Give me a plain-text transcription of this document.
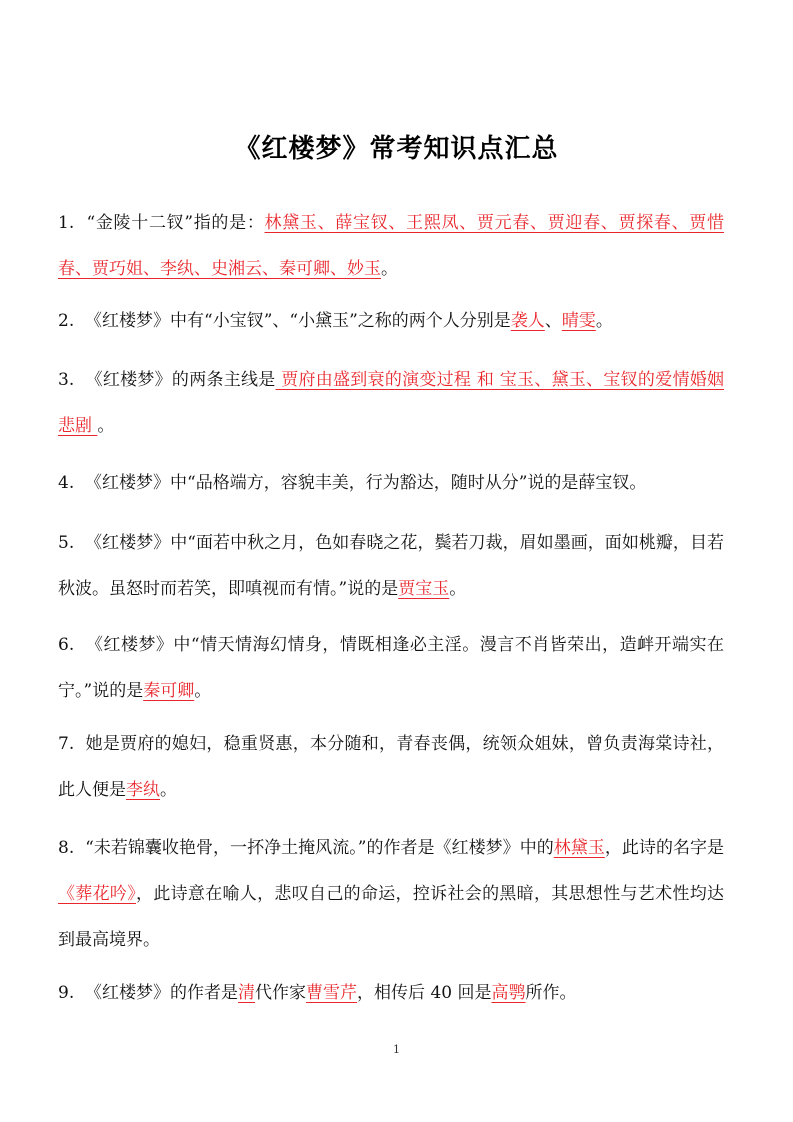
《红楼梦》常考知识点汇总
1. “金陵十二钗”指的是：林黛玉、薛宝钗、王熙凤、贾元春、贾迎春、贾探春、贾惜春、贾巧姐、李纨、史湘云、秦可卿、妙玉。
2. 《红楼梦》中有“小宝钗”、“小黛玉”之称的两个人分别是袭人、晴雯。
3. 《红楼梦》的两条主线是 贾府由盛到衰的演变过程 和 宝玉、黛玉、宝钗的爱情婚姻悲剧 。
4. 《红楼梦》中“品格端方，容貌丰美，行为豁达，随时从分”说的是薛宝钗。
5. 《红楼梦》中“面若中秋之月，色如春晓之花，鬓若刀裁，眉如墨画，面如桃瓣，目若秋波。虽怒时而若笑，即嗔视而有情。”说的是贾宝玉。
6. 《红楼梦》中“情天情海幻情身，情既相逢必主淫。漫言不肖皆荣出，造衅开端实在宁。”说的是秦可卿。
7. 她是贾府的媳妇，稳重贤惠，本分随和，青春丧偶，统领众姐妹，曾负责海棠诗社，此人便是李纨。
8. “未若锦囊收艳骨，一抔净土掩风流。”的作者是《红楼梦》中的林黛玉，此诗的名字是《葬花吟》，此诗意在喻人，悲叹自己的命运，控诉社会的黑暗，其思想性与艺术性均达到最高境界。
9. 《红楼梦》的作者是清代作家曹雪芹，相传后 40 回是高鹗所作。
1
